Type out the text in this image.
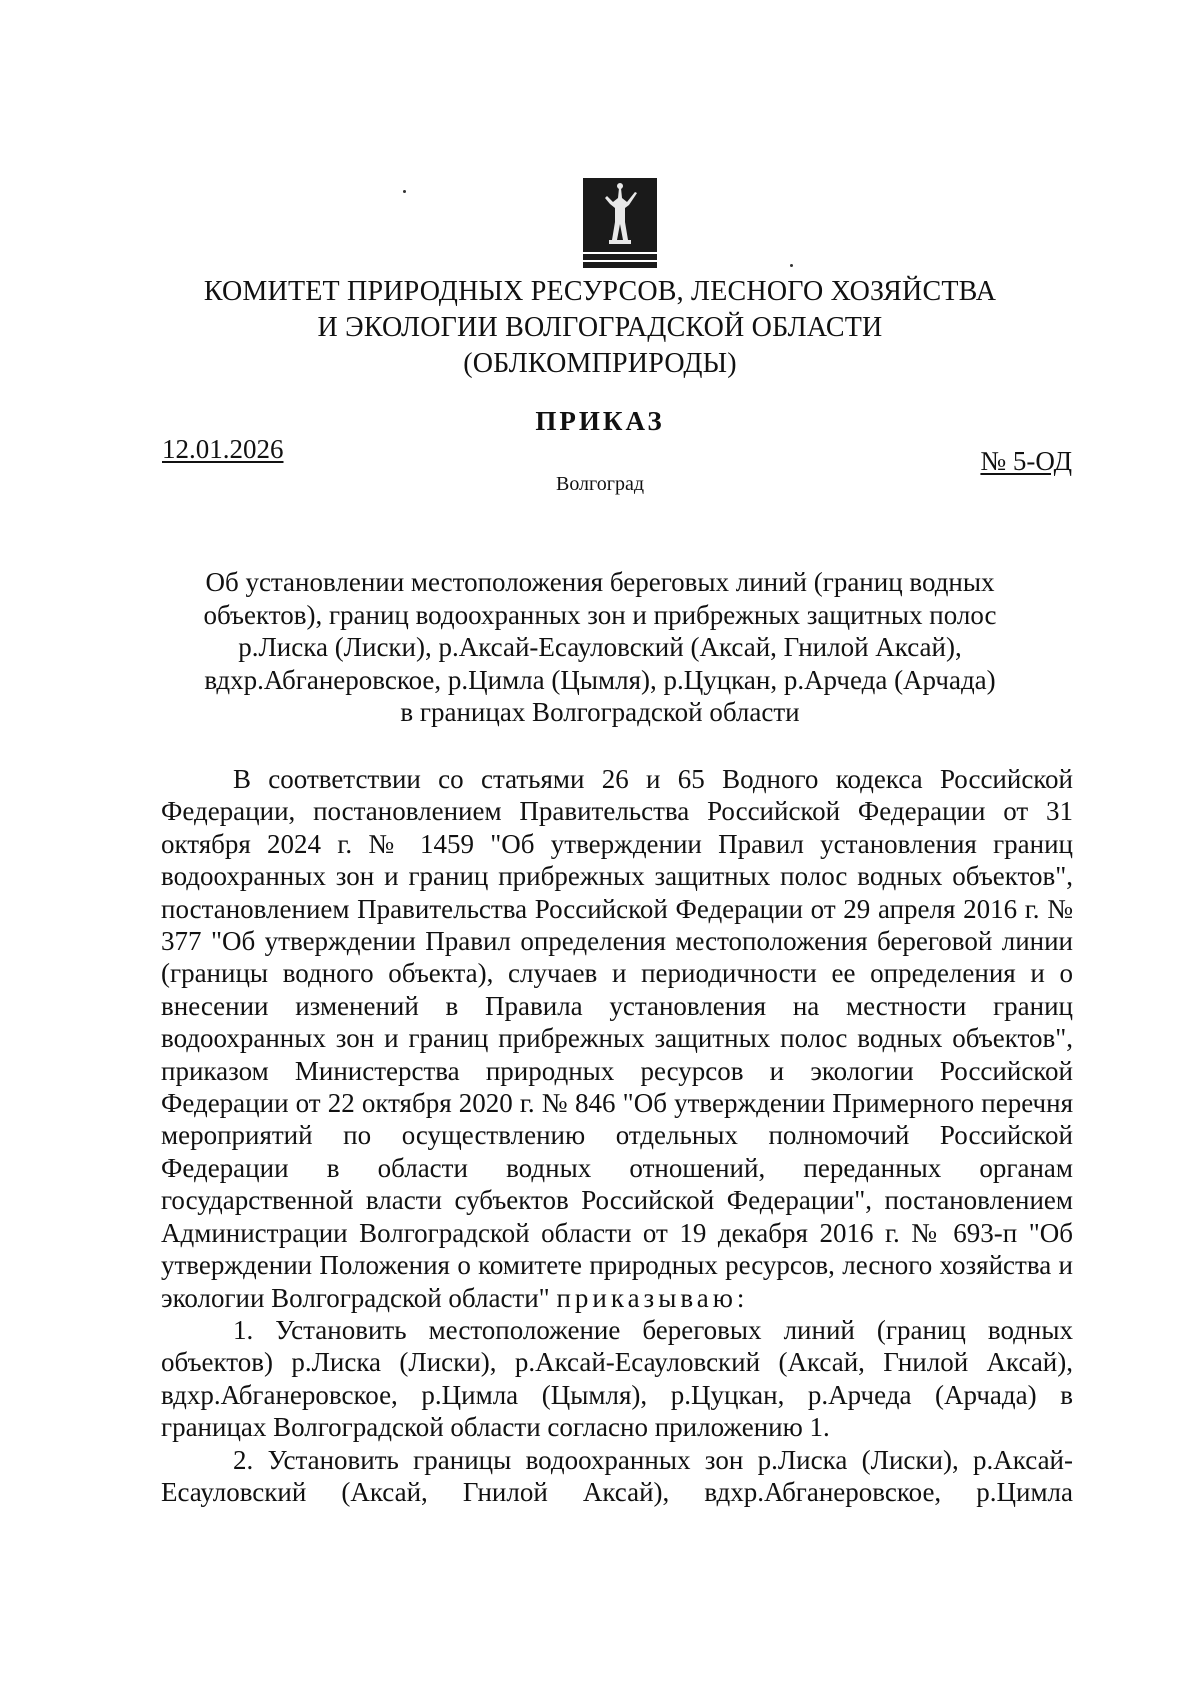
КОМИТЕТ ПРИРОДНЫХ РЕСУРСОВ, ЛЕСНОГО ХОЗЯЙСТВА
И ЭКОЛОГИИ ВОЛГОГРАДСКОЙ ОБЛАСТИ
(ОБЛКОМПРИРОДЫ)
ПРИКАЗ
12.01.2026	№ 5-ОД
Волгоград
Об установлении местоположения береговых линий (границ водных
объектов), границ водоохранных зон и прибрежных защитных полос
р.Лиска (Лиски), р.Аксай-Есауловский (Аксай, Гнилой Аксай),
вдхр.Абганеровское, р.Цимла (Цымля), р.Цуцкан, р.Арчеда (Арчада)
в границах Волгоградской области

В соответствии со статьями 26 и 65 Водного кодекса Российской Федерации, постановлением Правительства Российской Федерации от 31 октября 2024 г. № 1459 "Об утверждении Правил установления границ водоохранных зон и границ прибрежных защитных полос водных объектов", постановлением Правительства Российской Федерации от 29 апреля 2016 г. № 377 "Об утверждении Правил определения местоположения береговой линии (границы водного объекта), случаев и периодичности ее определения и о внесении изменений в Правила установления на местности границ водоохранных зон и границ прибрежных защитных полос водных объектов", приказом Министерства природных ресурсов и экологии Российской Федерации от 22 октября 2020 г. № 846 "Об утверждении Примерного перечня мероприятий по осуществлению отдельных полномочий Российской Федерации в области водных отношений, переданных органам государственной власти субъектов Российской Федерации", постановлением Администрации Волгоградской области от 19 декабря 2016 г. № 693-п "Об утверждении Положения о комитете природных ресурсов, лесного хозяйства и экологии Волгоградской области" приказываю:

1. Установить местоположение береговых линий (границ водных объектов) р.Лиска (Лиски), р.Аксай-Есауловский (Аксай, Гнилой Аксай), вдхр.Абганеровское, р.Цимла (Цымля), р.Цуцкан, р.Арчеда (Арчада) в границах Волгоградской области согласно приложению 1.

2. Установить границы водоохранных зон р.Лиска (Лиски), р.Аксай-Есауловский (Аксай, Гнилой Аксай), вдхр.Абганеровское, р.Цимла
